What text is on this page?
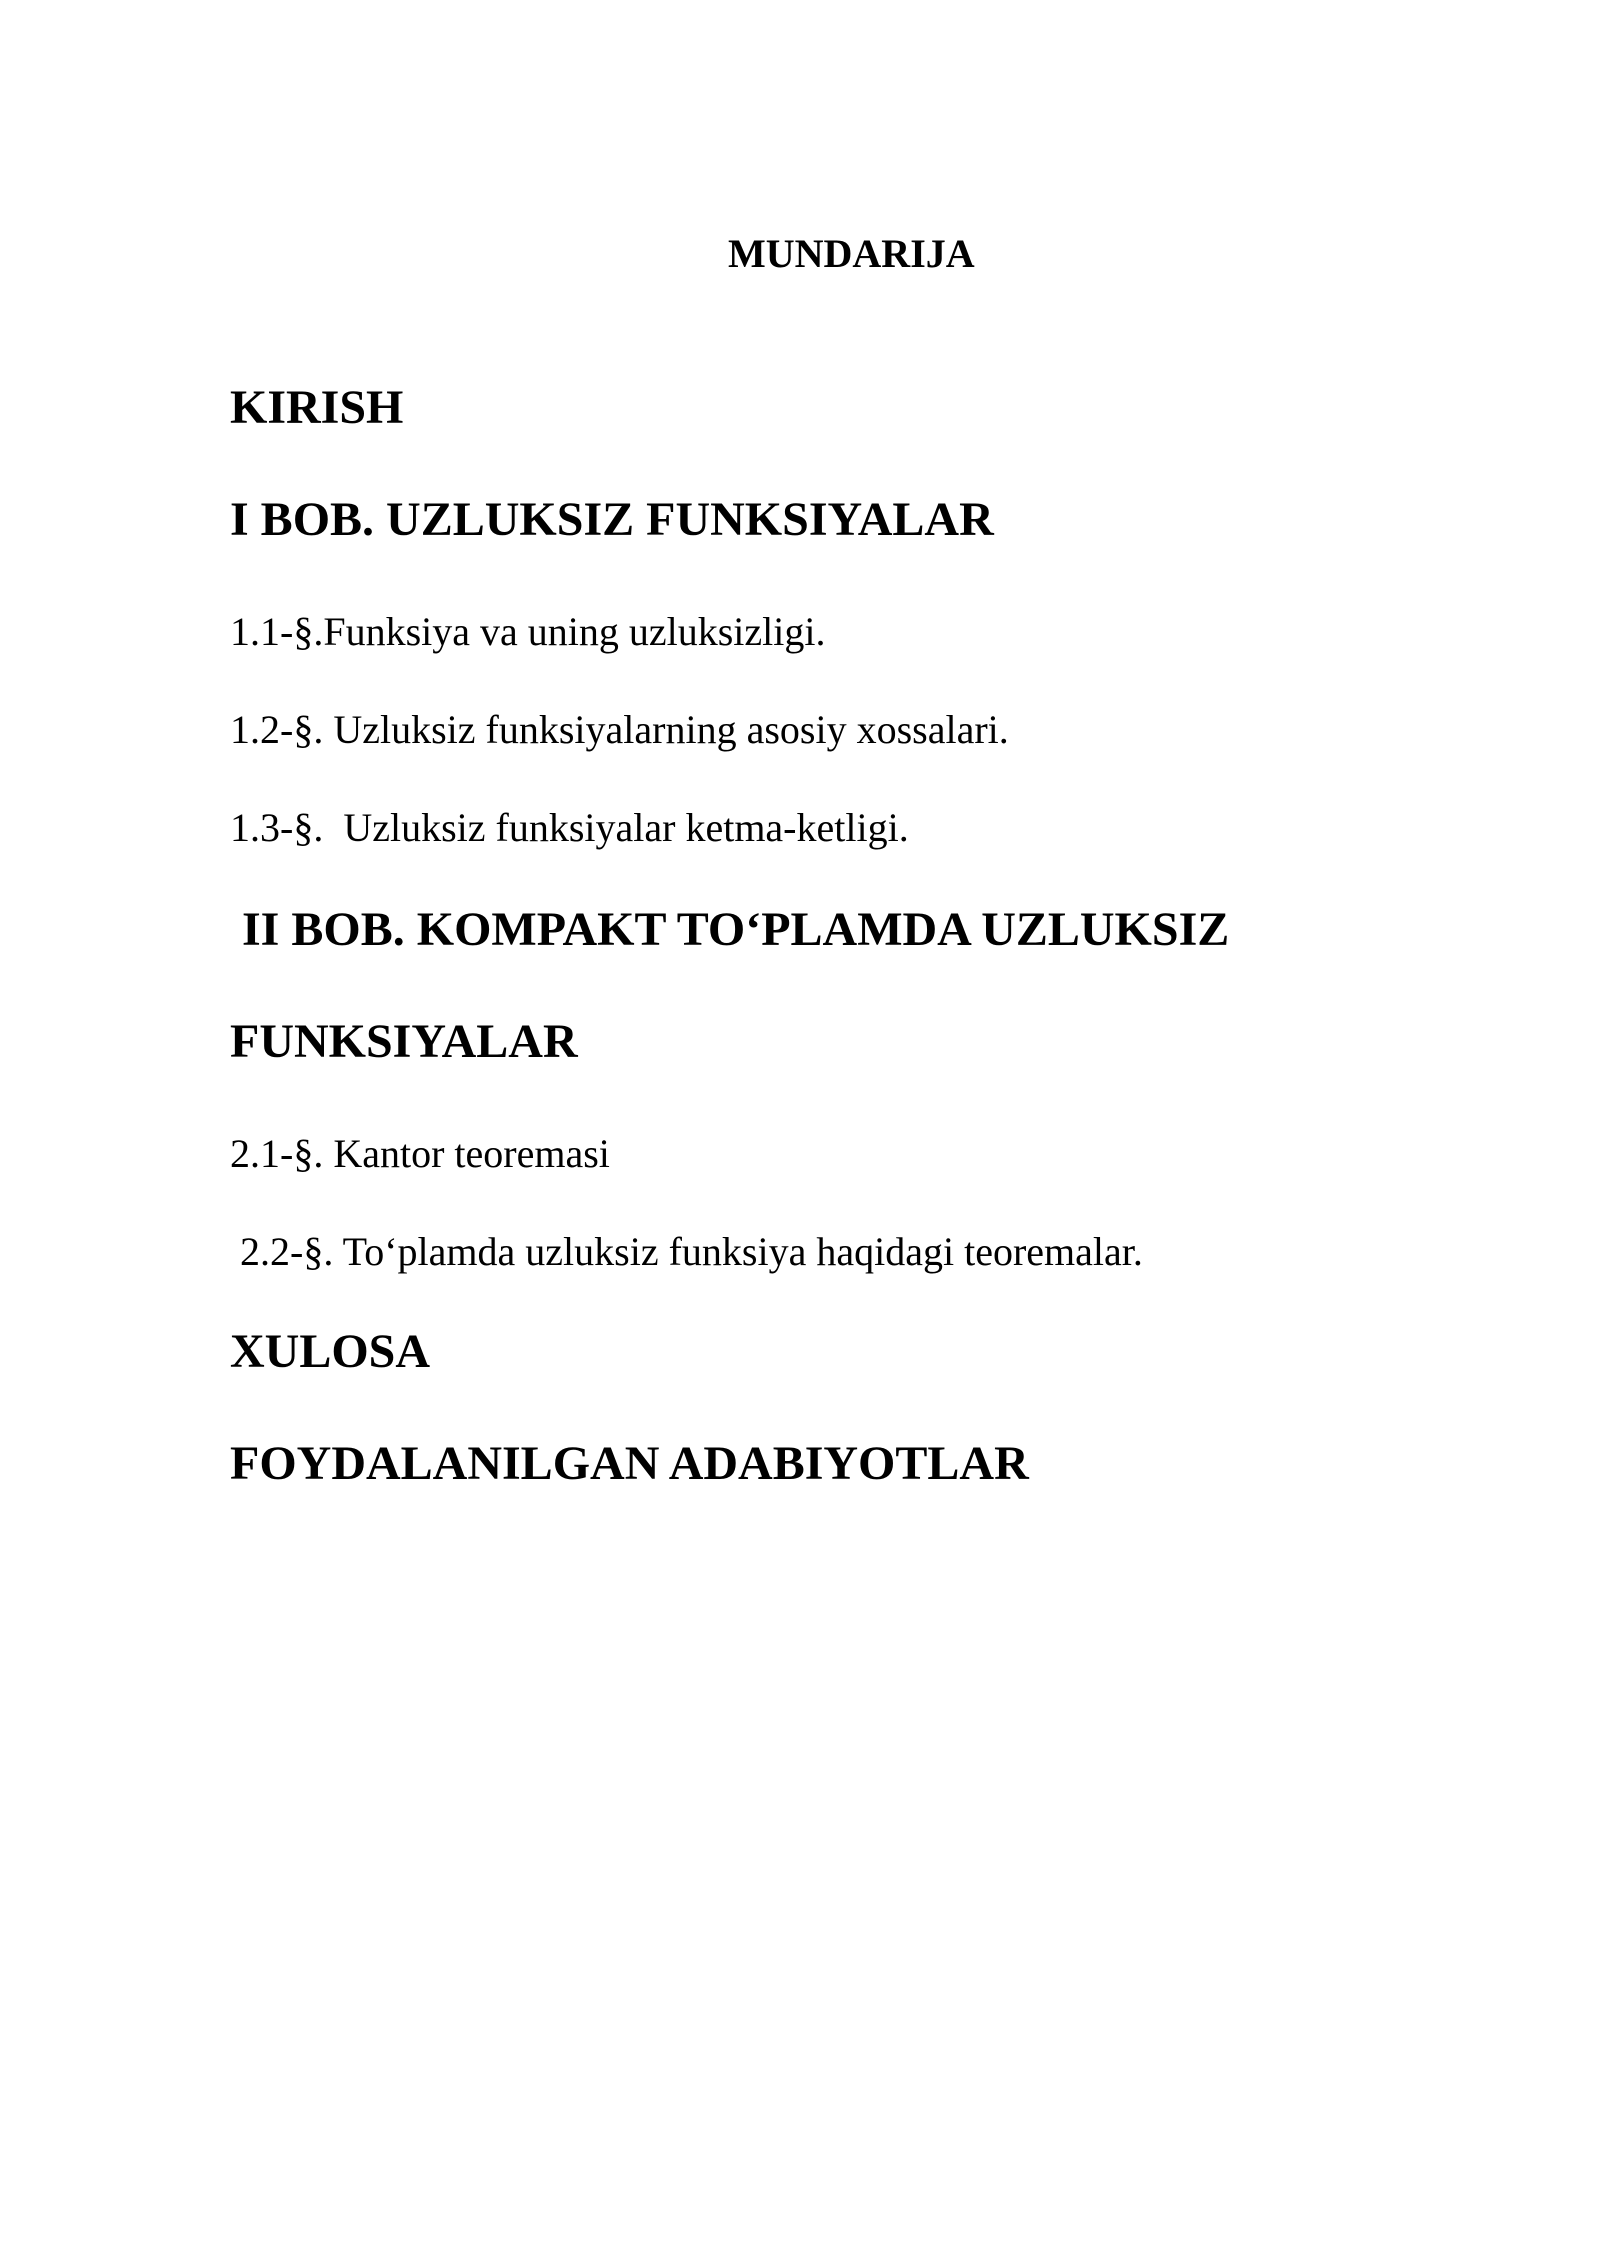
MUNDARIJA
KIRISH
I BOB. UZLUKSIZ FUNKSIYALAR
1.1-§.Funksiya va uning uzluksizligi.
1.2-§. Uzluksiz funksiyalarning asosiy xossalari.
1.3-§.  Uzluksiz funksiyalar ketma-ketligi.
II BOB. KOMPAKT TO‘PLAMDA UZLUKSIZ
FUNKSIYALAR
2.1-§. Kantor teoremasi
2.2-§. To‘plamda uzluksiz funksiya haqidagi teoremalar.
XULOSA
FOYDALANILGAN ADABIYOTLAR
